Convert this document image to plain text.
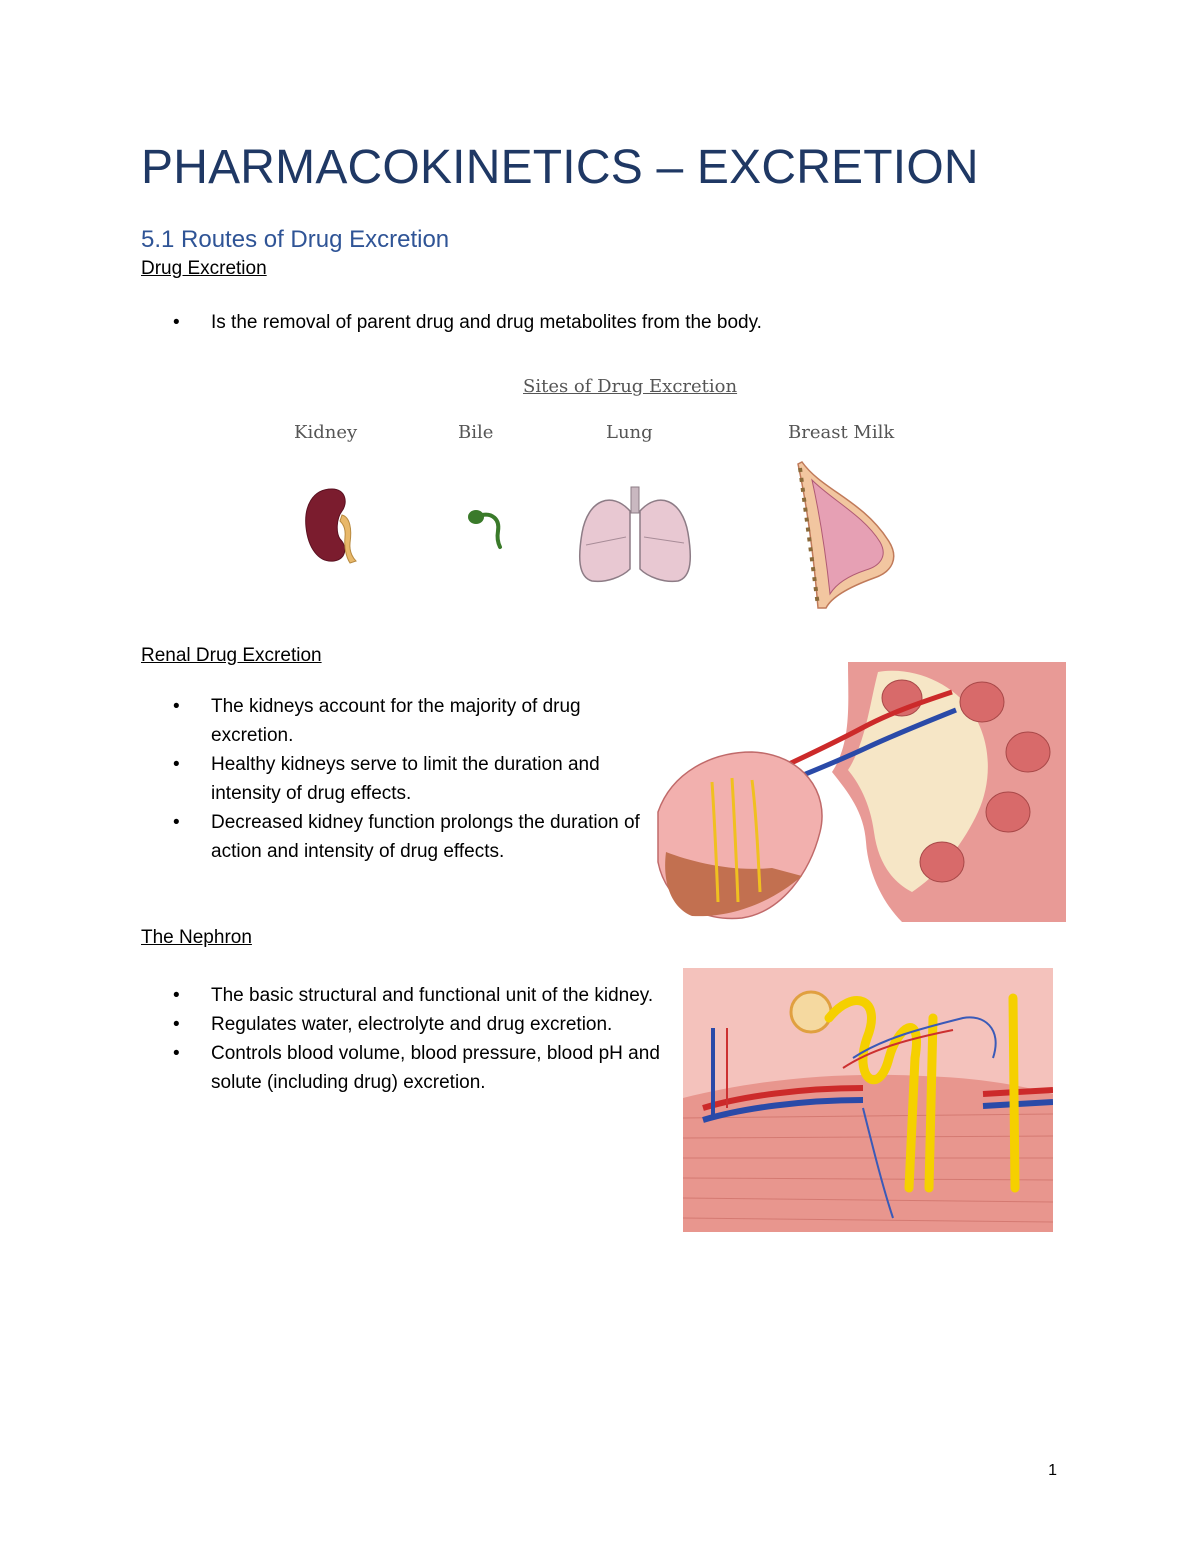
PHARMACOKINETICS – EXCRETION
5.1 Routes of Drug Excretion
Drug Excretion
• Is the removal of parent drug and drug metabolites from the body.
Sites of Drug Excretion
Kidney	Bile	Lung	Breast Milk
Renal Drug Excretion
• The kidneys account for the majority of drug excretion.
• Healthy kidneys serve to limit the duration and intensity of drug effects.
• Decreased kidney function prolongs the duration of action and intensity of drug effects.
The Nephron
• The basic structural and functional unit of the kidney.
• Regulates water, electrolyte and drug excretion.
• Controls blood volume, blood pressure, blood pH and solute (including drug) excretion.
1
